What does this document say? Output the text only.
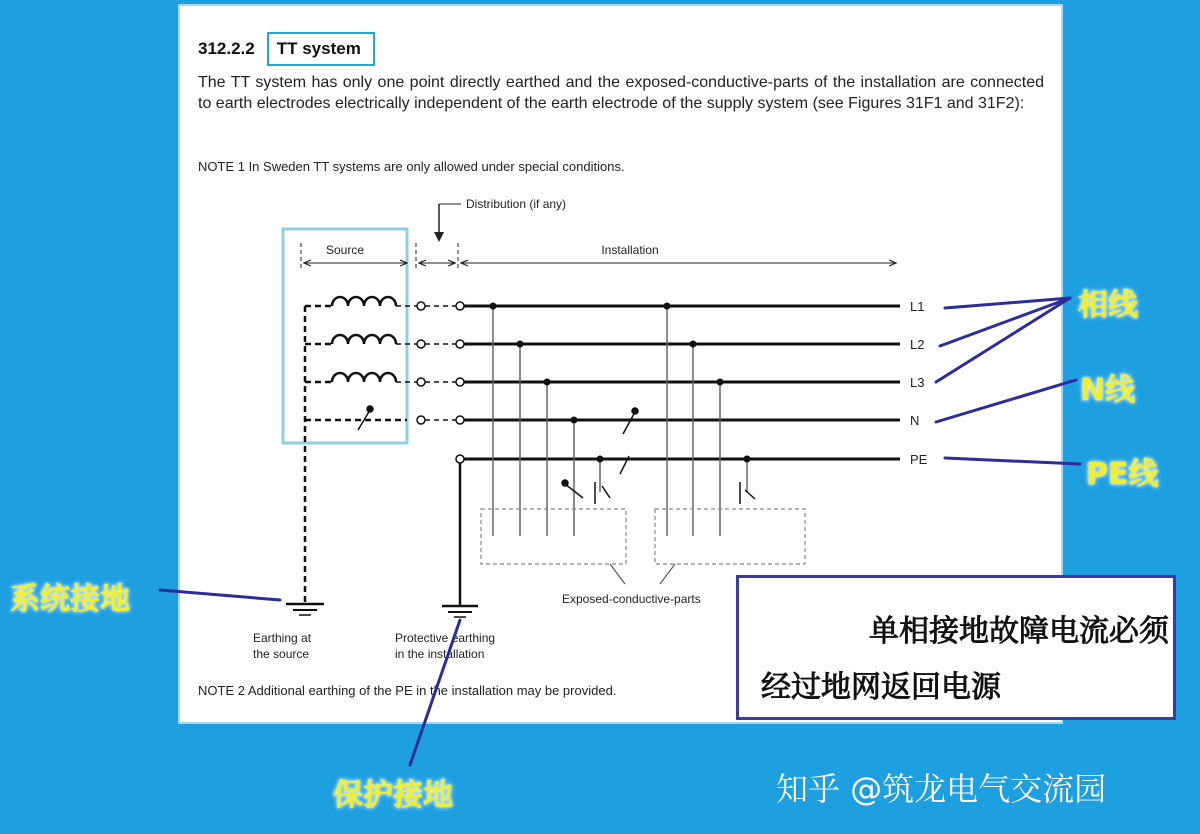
312.2.2 TT system
The TT system has only one point directly earthed and the exposed-conductive-parts of the installation are connected to earth electrodes electrically independent of the earth electrode of the supply system (see Figures 31F1 and 31F2):
NOTE 1 In Sweden TT systems are only allowed under special conditions.
Distribution (if any)
Source	Installation
L1
L2
L3
N
PE
Exposed-conductive-parts
Earthing at
the source
Protective earthing
in the installation
NOTE 2 Additional earthing of the PE in the installation may be provided.
相线
N线
PE线
系统接地
保护接地
单相接地故障电流必须
经过地网返回电源
知乎 @筑龙电气交流园
